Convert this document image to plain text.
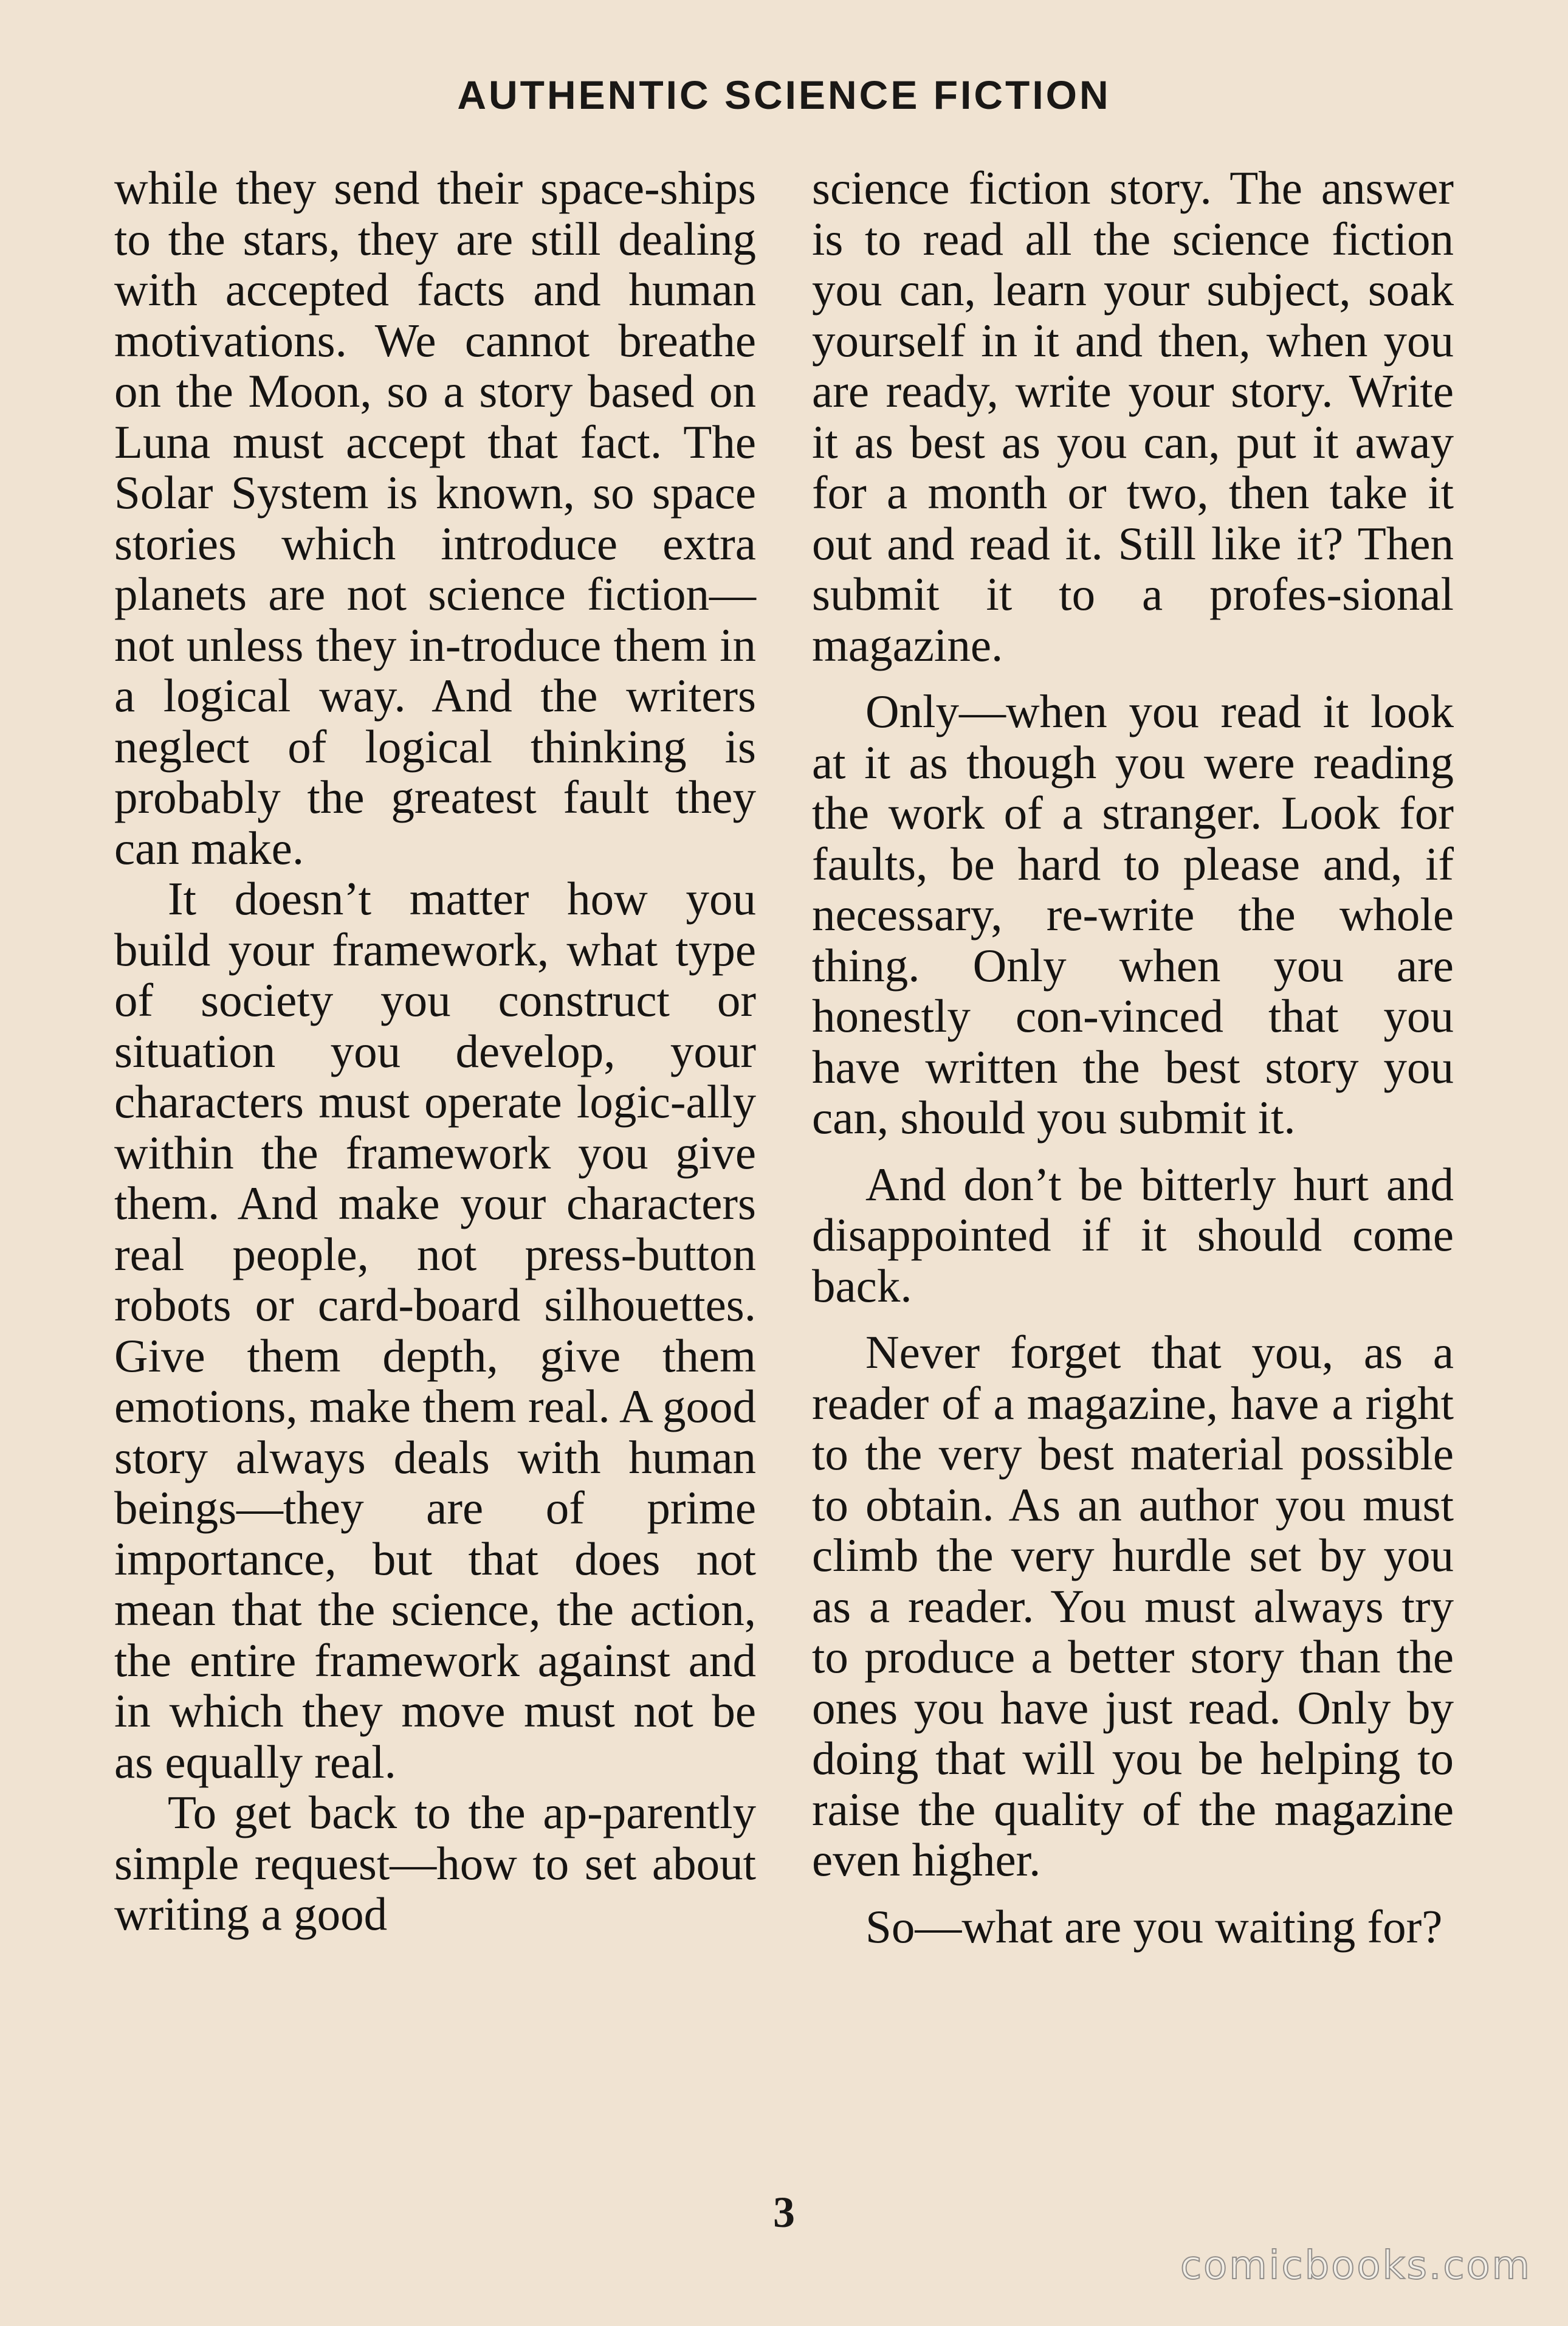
AUTHENTIC SCIENCE FICTION

while they send their space-ships to the stars, they are still dealing with accepted facts and human motivations. We cannot breathe on the Moon, so a story based on Luna must accept that fact. The Solar System is known, so space stories which introduce extra planets are not science fiction—not unless they in-troduce them in a logical way. And the writers neglect of logical thinking is probably the greatest fault they can make.

It doesn’t matter how you build your framework, what type of society you construct or situation you develop, your characters must operate logic-ally within the framework you give them. And make your characters real people, not press-button robots or card-board silhouettes. Give them depth, give them emotions, make them real. A good story always deals with human beings—they are of prime importance, but that does not mean that the science, the action, the entire framework against and in which they move must not be as equally real.

To get back to the ap-parently simple request—how to set about writing a good

science fiction story. The answer is to read all the science fiction you can, learn your subject, soak yourself in it and then, when you are ready, write your story. Write it as best as you can, put it away for a month or two, then take it out and read it. Still like it? Then submit it to a profes-sional magazine.

Only—when you read it look at it as though you were reading the work of a stranger. Look for faults, be hard to please and, if necessary, re-write the whole thing. Only when you are honestly con-vinced that you have written the best story you can, should you submit it.

And don’t be bitterly hurt and disappointed if it should come back.

Never forget that you, as a reader of a magazine, have a right to the very best material possible to obtain. As an author you must climb the very hurdle set by you as a reader. You must always try to produce a better story than the ones you have just read. Only by doing that will you be helping to raise the quality of the magazine even higher.

So—what are you waiting for?

3
comicbooks.com
